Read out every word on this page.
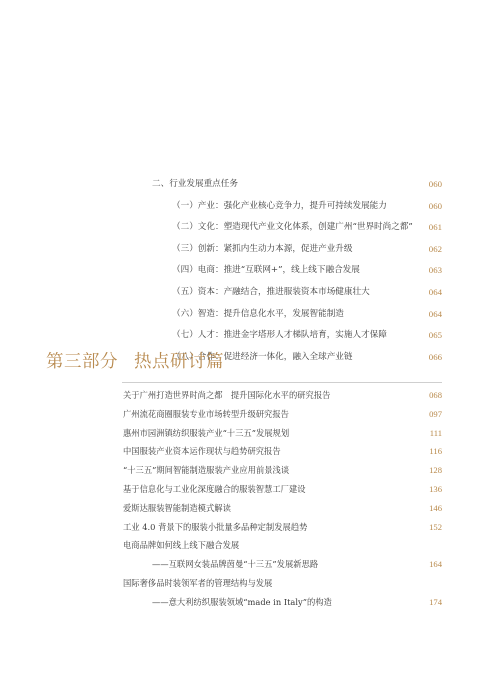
二、行业发展重点任务	060
（一）产业：强化产业核心竞争力，提升可持续发展能力	060
（二）文化：塑造现代产业文化体系，创建广州“世界时尚之都” 061
（三）创新：紧抓内生动力本源，促进产业升级	062
（四）电商：推进“互联网+”，线上线下融合发展	063
（五）资本：产融结合，推进服装资本市场健康壮大	064
（六）智造：提升信息化水平，发展智能制造	064
（七）人才：推进金字塔形人才梯队培育，实施人才保障	065
（八）合作：促进经济一体化，融入全球产业链	066
第三部分 热点研讨篇
关于广州打造世界时尚之都　提升国际化水平的研究报告	068
广州流花商圈服装专业市场转型升级研究报告	097
惠州市园洲镇纺织服装产业“十三五”发展规划	111
中国服装产业资本运作现状与趋势研究报告	116
“十三五”期间智能制造服装产业应用前景浅谈	128
基于信息化与工业化深度融合的服装智慧工厂建设	136
爱斯达服装智能制造模式解读	146
工业 4.0 背景下的服装小批量多品种定制发展趋势	152
电商品牌如何线上线下融合发展
——互联网女装品牌茵曼“十三五”发展新思路	164
国际奢侈品时装领军者的管理结构与发展
——意大利纺织服装领域“made in Italy”的构造	174
